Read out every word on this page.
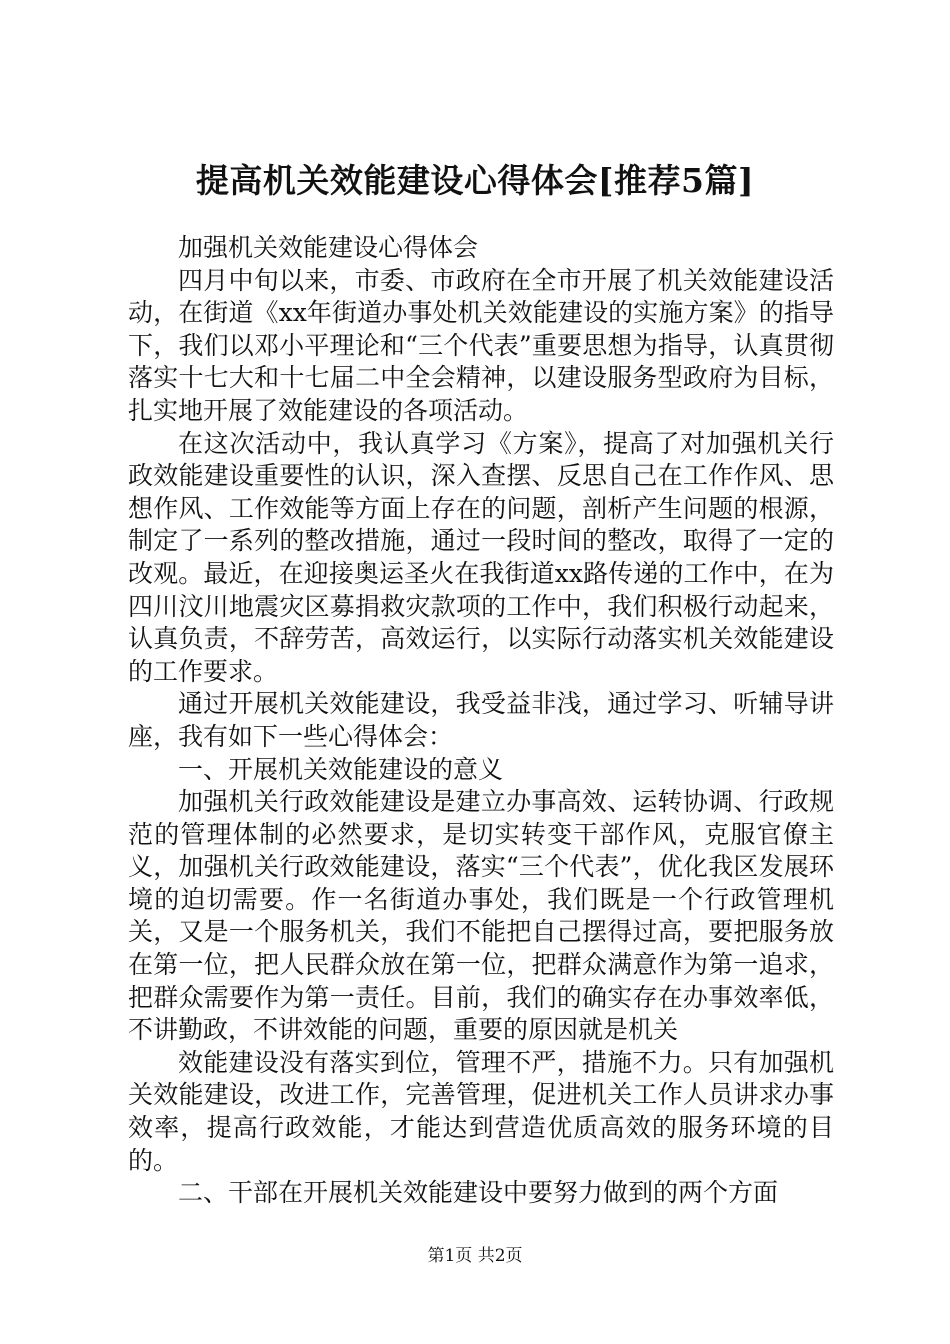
提高机关效能建设心得体会[推荐5篇]

加强机关效能建设心得体会

四月中旬以来，市委、市政府在全市开展了机关效能建设活动，在街道《xx年街道办事处机关效能建设的实施方案》的指导下，我们以邓小平理论和“三个代表”重要思想为指导，认真贯彻落实十七大和十七届二中全会精神，以建设服务型政府为目标，扎实地开展了效能建设的各项活动。

在这次活动中，我认真学习《方案》，提高了对加强机关行政效能建设重要性的认识，深入查摆、反思自己在工作作风、思想作风、工作效能等方面上存在的问题，剖析产生问题的根源，制定了一系列的整改措施，通过一段时间的整改，取得了一定的改观。最近，在迎接奥运圣火在我街道xx路传递的工作中，在为四川汶川地震灾区募捐救灾款项的工作中，我们积极行动起来，认真负责，不辞劳苦，高效运行，以实际行动落实机关效能建设的工作要求。

通过开展机关效能建设，我受益非浅，通过学习、听辅导讲座，我有如下一些心得体会：

一、开展机关效能建设的意义

加强机关行政效能建设是建立办事高效、运转协调、行政规范的管理体制的必然要求，是切实转变干部作风，克服官僚主义，加强机关行政效能建设，落实“三个代表”，优化我区发展环境的迫切需要。作一名街道办事处，我们既是一个行政管理机关，又是一个服务机关，我们不能把自己摆得过高，要把服务放在第一位，把人民群众放在第一位，把群众满意作为第一追求，把群众需要作为第一责任。目前，我们的确实存在办事效率低，不讲勤政，不讲效能的问题，重要的原因就是机关

效能建设没有落实到位，管理不严，措施不力。只有加强机关效能建设，改进工作，完善管理，促进机关工作人员讲求办事效率，提高行政效能，才能达到营造优质高效的服务环境的目的。

二、干部在开展机关效能建设中要努力做到的两个方面

第1页 共2页
